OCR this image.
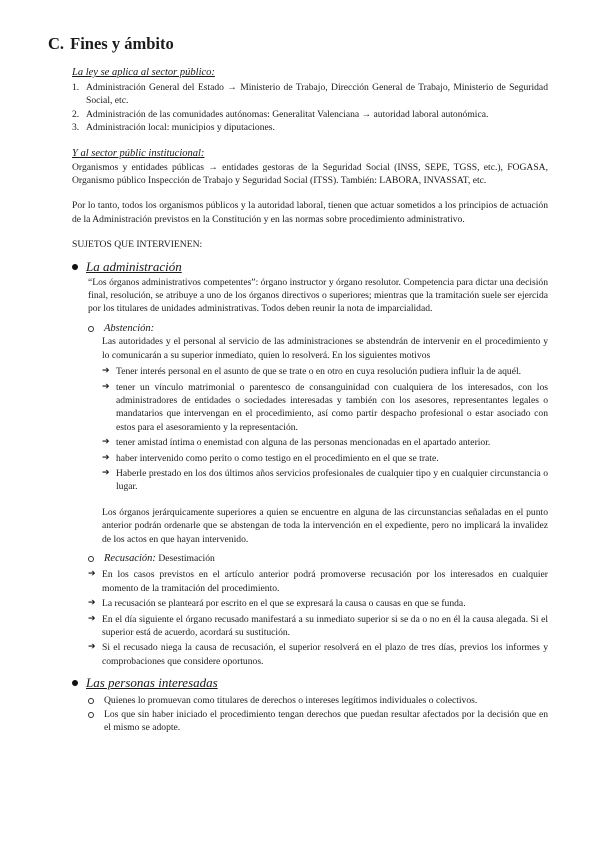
C. Fines y ámbito

La ley se aplica al sector público:

1. Administración General del Estado → Ministerio de Trabajo, Dirección General de Trabajo, Ministerio de Seguridad Social, etc.
2. Administración de las comunidades autónomas: Generalitat Valenciana → autoridad laboral autonómica.
3. Administración local: municipios y diputaciones.

Y al sector públic institucional:

Organismos y entidades públicas → entidades gestoras de la Seguridad Social (INSS, SEPE, TGSS, etc.), FOGASA, Organismo público Inspección de Trabajo y Seguridad Social (ITSS). También: LABORA, INVASSAT, etc.

Por lo tanto, todos los organismos públicos y la autoridad laboral, tienen que actuar sometidos a los principios de actuación de la Administración previstos en la Constitución y en las normas sobre procedimiento administrativo.

SUJETOS QUE INTERVIENEN:

La administración

“Los órganos administrativos competentes”: órgano instructor y órgano resolutor. Competencia para dictar una decisión final, resolución, se atribuye a uno de los órganos directivos o superiores; mientras que la tramitación suele ser ejercida por los titulares de unidades administrativas. Todos deben reunir la nota de imparcialidad.

Abstención:

Las autoridades y el personal al servicio de las administraciones se abstendrán de intervenir en el procedimiento y lo comunicarán a su superior inmediato, quien lo resolverá. En los siguientes motivos

➔ Tener interés personal en el asunto de que se trate o en otro en cuya resolución pudiera influir la de aquél.
➔ tener un vínculo matrimonial o parentesco de consanguinidad con cualquiera de los interesados, con los administradores de entidades o sociedades interesadas y también con los asesores, representantes legales o mandatarios que intervengan en el procedimiento, así como partir despacho profesional o estar asociado con estos para el asesoramiento y la representación.
➔ tener amistad íntima o enemistad con alguna de las personas mencionadas en el apartado anterior.
➔ haber intervenido como perito o como testigo en el procedimiento en el que se trate.
➔ Haberle prestado en los dos últimos años servicios profesionales de cualquier tipo y en cualquier circunstancia o lugar.

Los órganos jerárquicamente superiores a quien se encuentre en alguna de las circunstancias señaladas en el punto anterior podrán ordenarle que se abstengan de toda la intervención en el expediente, pero no implicará la invalidez de los actos en que hayan intervenido.

Recusación: Desestimación
➔ En los casos previstos en el artículo anterior podrá promoverse recusación por los interesados en cualquier momento de la tramitación del procedimiento.
➔ La recusación se planteará por escrito en el que se expresará la causa o causas en que se funda.
➔ En el día siguiente el órgano recusado manifestará a su inmediato superior si se da o no en él la causa alegada. Si el superior está de acuerdo, acordará su sustitución.
➔ Si el recusado niega la causa de recusación, el superior resolverá en el plazo de tres días, previos los informes y comprobaciones que considere oportunos.
Las personas interesadas
Quienes lo promuevan como titulares de derechos o intereses legítimos individuales o colectivos.
Los que sin haber iniciado el procedimiento tengan derechos que puedan resultar afectados por la decisión que en el mismo se adopte.
